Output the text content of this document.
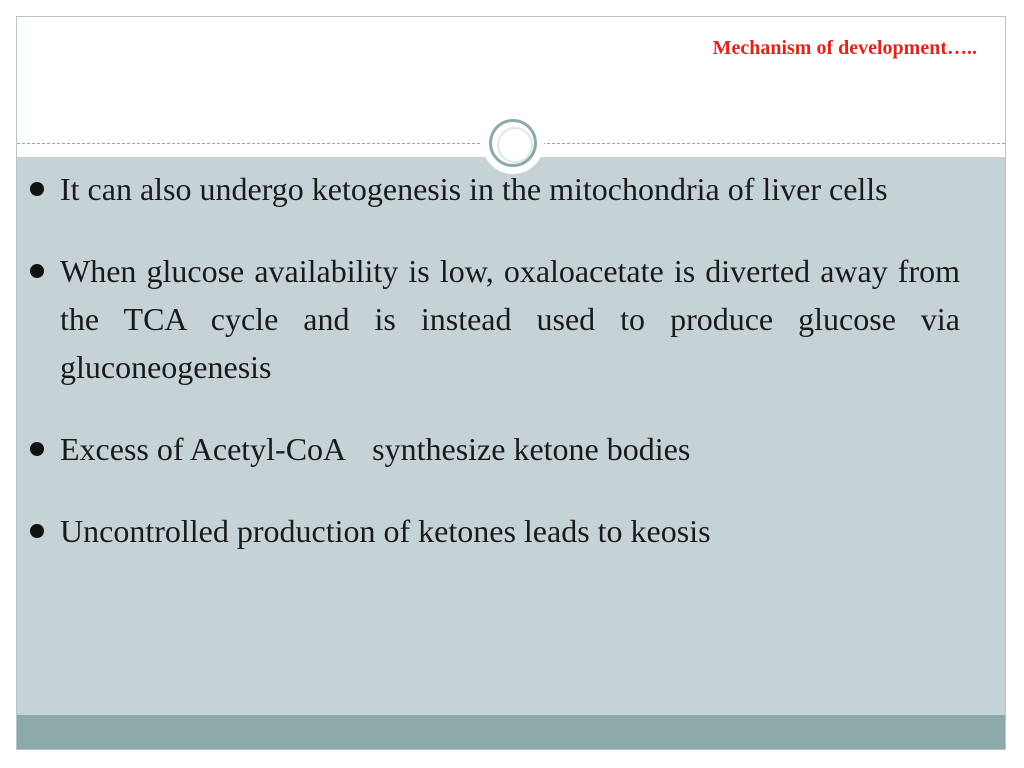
Mechanism of development…..
It can also undergo ketogenesis in the mitochondria of liver cells
When glucose availability is low, oxaloacetate is diverted away from the TCA cycle and is instead used to produce glucose via gluconeogenesis
Excess of Acetyl-CoA synthesize ketone bodies
Uncontrolled production of ketones leads to keosis
